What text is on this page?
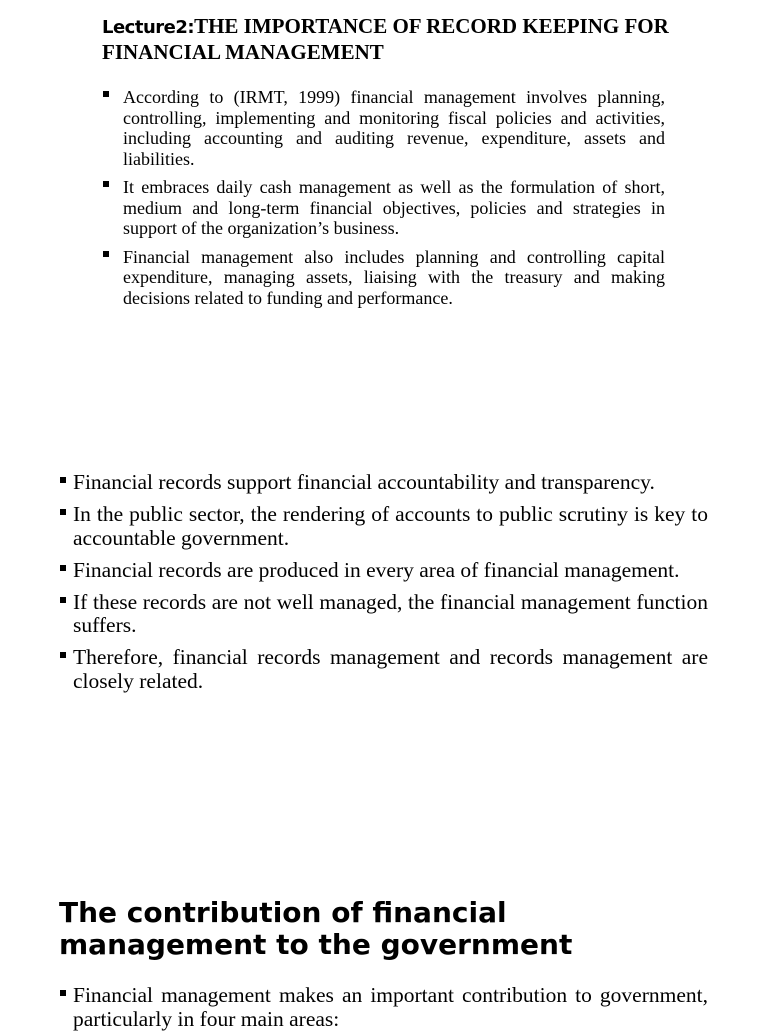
Lecture2:THE IMPORTANCE OF RECORD KEEPING FOR FINANCIAL MANAGEMENT
According to (IRMT, 1999) financial management involves planning, controlling, implementing and monitoring fiscal policies and activities, including accounting and auditing revenue, expenditure, assets and liabilities.
It embraces daily cash management as well as the formulation of short, medium and long-term financial objectives, policies and strategies in support of the organization’s business.
Financial management also includes planning and controlling capital expenditure, managing assets, liaising with the treasury and making decisions related to funding and performance.
Financial records support financial accountability and transparency.
In the public sector, the rendering of accounts to public scrutiny is key to accountable government.
Financial records are produced in every area of financial management.
If these records are not well managed, the financial management function suffers.
Therefore, financial records management and records management are closely related.
The contribution of financial management to the government
Financial management makes an important contribution to government, particularly in four main areas:
